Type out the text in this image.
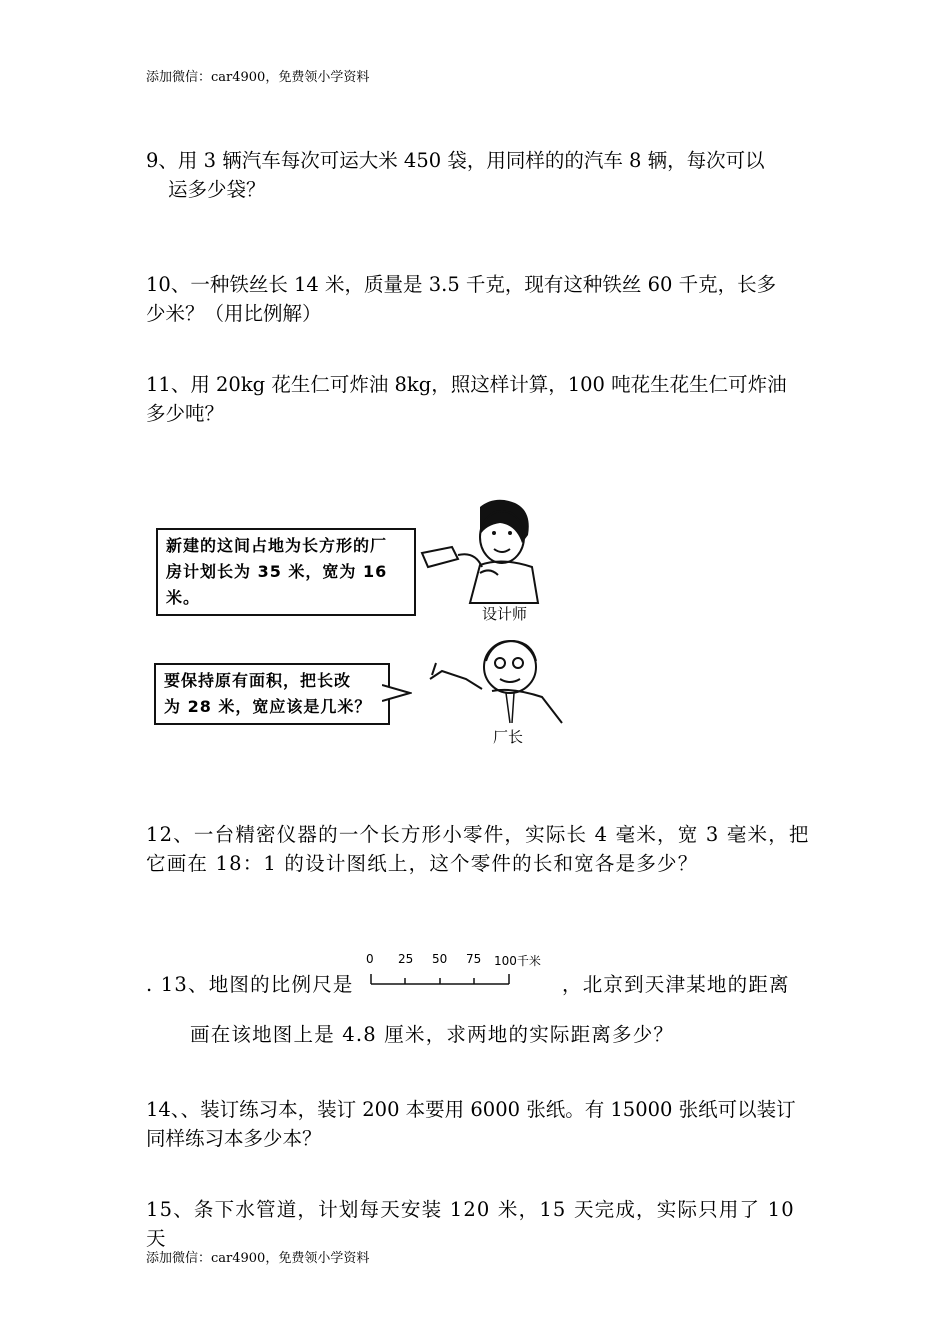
添加微信：car4900，免费领小学资料
9、用 3 辆汽车每次可运大米 450 袋，用同样的的汽车 8 辆，每次可以
运多少袋？
10、一种铁丝长 14 米，质量是 3.5 千克，现有这种铁丝 60 千克，长多
少米？（用比例解）
11、用 20kg 花生仁可炸油 8kg，照这样计算，100 吨花生花生仁可炸油
多少吨？
新建的这间占地为长方形的厂
房计划长为 35 米，宽为 16 米。
设计师
要保持原有面积，把长改
为 28 米，宽应该是几米？
厂长
12、一台精密仪器的一个长方形小零件，实际长 4 毫米，宽 3 毫米，把
它画在 18：1 的设计图纸上，这个零件的长和宽各是多少？
. 13、地图的比例尺是
0 25 50 75 100千米
，北京到天津某地的距离
画在该地图上是 4.8 厘米，求两地的实际距离多少？
14、、装订练习本，装订 200 本要用 6000 张纸。有 15000 张纸可以装订
同样练习本多少本？
15、条下水管道，计划每天安装 120 米，15 天完成，实际只用了 10 天
添加微信：car4900，免费领小学资料
